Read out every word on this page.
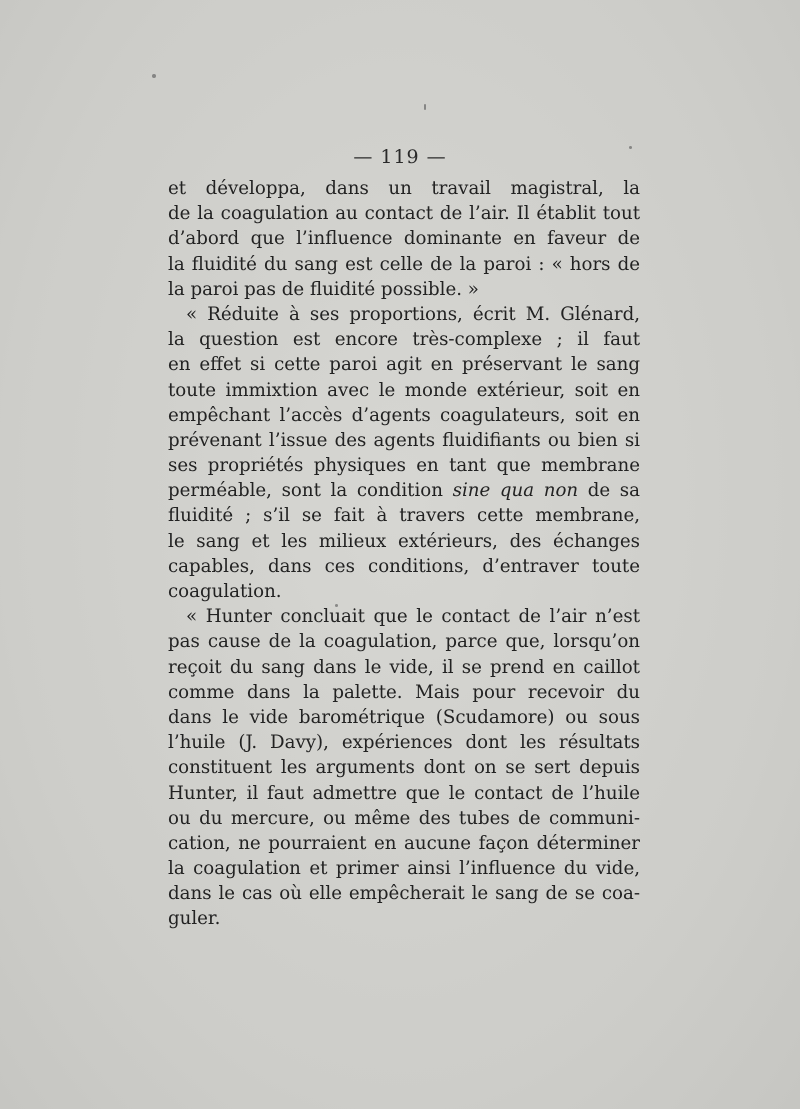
— 119 —
et développa, dans un travail magistral, la
de la coagulation au contact de l’air. Il établit tout
d’abord que l’influence dominante en faveur de
la fluidité du sang est celle de la paroi : « hors de
la paroi pas de fluidité possible. »
« Réduite à ses proportions, écrit M. Glénard,
la question est encore très-complexe ; il faut
en effet si cette paroi agit en préservant le sang
toute immixtion avec le monde extérieur, soit en
empêchant l’accès d’agents coagulateurs, soit en
prévenant l’issue des agents fluidifiants ou bien si
ses propriétés physiques en tant que membrane
perméable, sont la condition sine qua non de sa
fluidité ; s’il se fait à travers cette membrane,
le sang et les milieux extérieurs, des échanges
capables, dans ces conditions, d’entraver toute
coagulation.
« Hunter concluait que le contact de l’air n’est
pas cause de la coagulation, parce que, lorsqu’on
reçoit du sang dans le vide, il se prend en caillot
comme dans la palette. Mais pour recevoir du
dans le vide barométrique (Scudamore) ou sous
l’huile (J. Davy), expériences dont les résultats
constituent les arguments dont on se sert depuis
Hunter, il faut admettre que le contact de l’huile
ou du mercure, ou même des tubes de communi-
cation, ne pourraient en aucune façon déterminer
la coagulation et primer ainsi l’influence du vide,
dans le cas où elle empêcherait le sang de se coa-
guler.
